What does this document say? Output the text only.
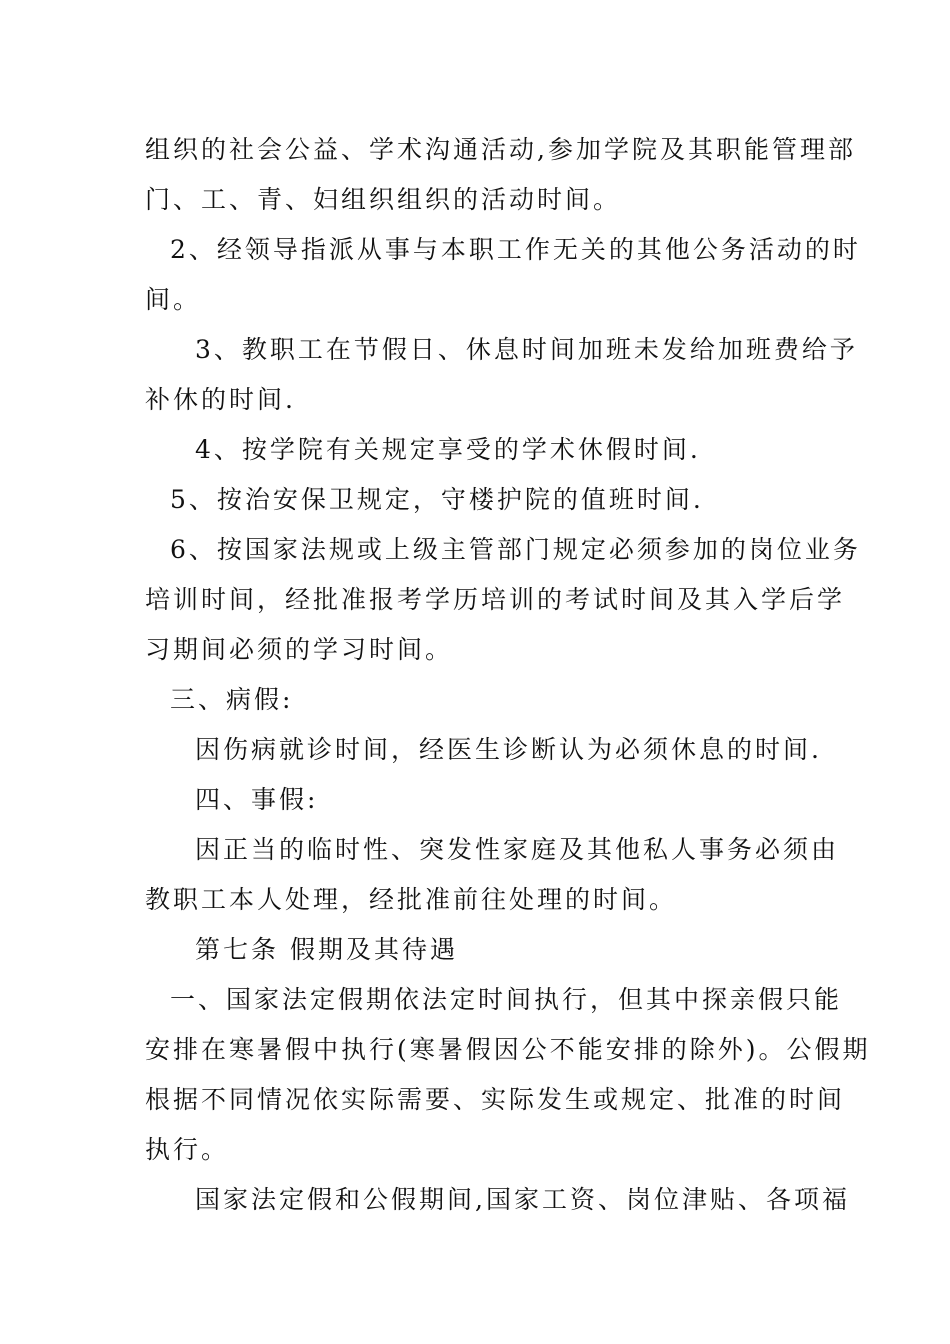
组织的社会公益、学术沟通活动,参加学院及其职能管理部

门、工、青、妇组织组织的活动时间。

2、经领导指派从事与本职工作无关的其他公务活动的时

间。

3、教职工在节假日、休息时间加班未发给加班费给予

补休的时间.

4、按学院有关规定享受的学术休假时间.

5、按治安保卫规定，守楼护院的值班时间.

6、按国家法规或上级主管部门规定必须参加的岗位业务

培训时间，经批准报考学历培训的考试时间及其入学后学

习期间必须的学习时间。

三、病假:

因伤病就诊时间，经医生诊断认为必须休息的时间.

四、事假:

因正当的临时性、突发性家庭及其他私人事务必须由

教职工本人处理，经批准前往处理的时间。

第七条 假期及其待遇

一、国家法定假期依法定时间执行，但其中探亲假只能

安排在寒暑假中执行(寒暑假因公不能安排的除外)。公假期

根据不同情况依实际需要、实际发生或规定、批准的时间

执行。

国家法定假和公假期间,国家工资、岗位津贴、各项福
